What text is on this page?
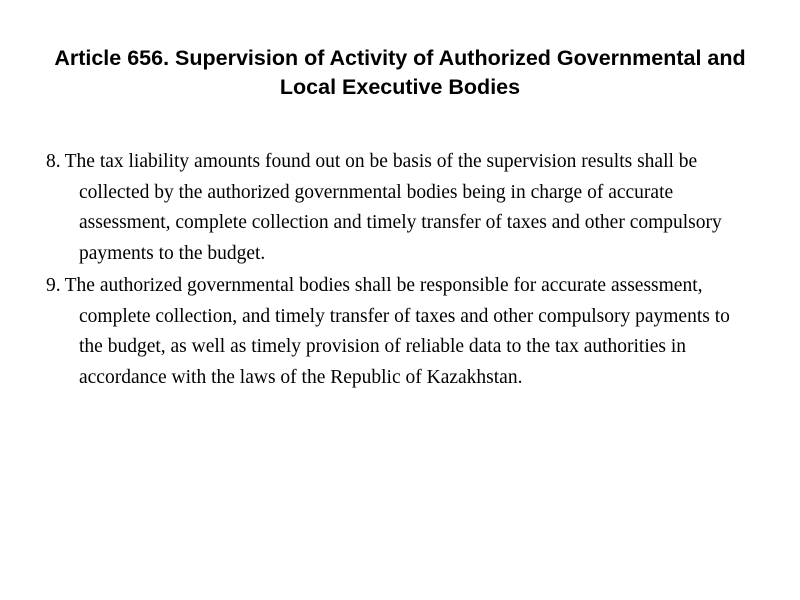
Article 656. Supervision of Activity of Authorized Governmental and Local Executive Bodies

8. The tax liability amounts found out on be basis of the supervision results shall be collected by the authorized governmental bodies being in charge of accurate assessment, complete collection and timely transfer of taxes and other compulsory payments to the budget.

9. The authorized governmental bodies shall be responsible for accurate assessment, complete collection, and timely transfer of taxes and other compulsory payments to the budget, as well as timely provision of reliable data to the tax authorities in accordance with the laws of the Republic of Kazakhstan.
